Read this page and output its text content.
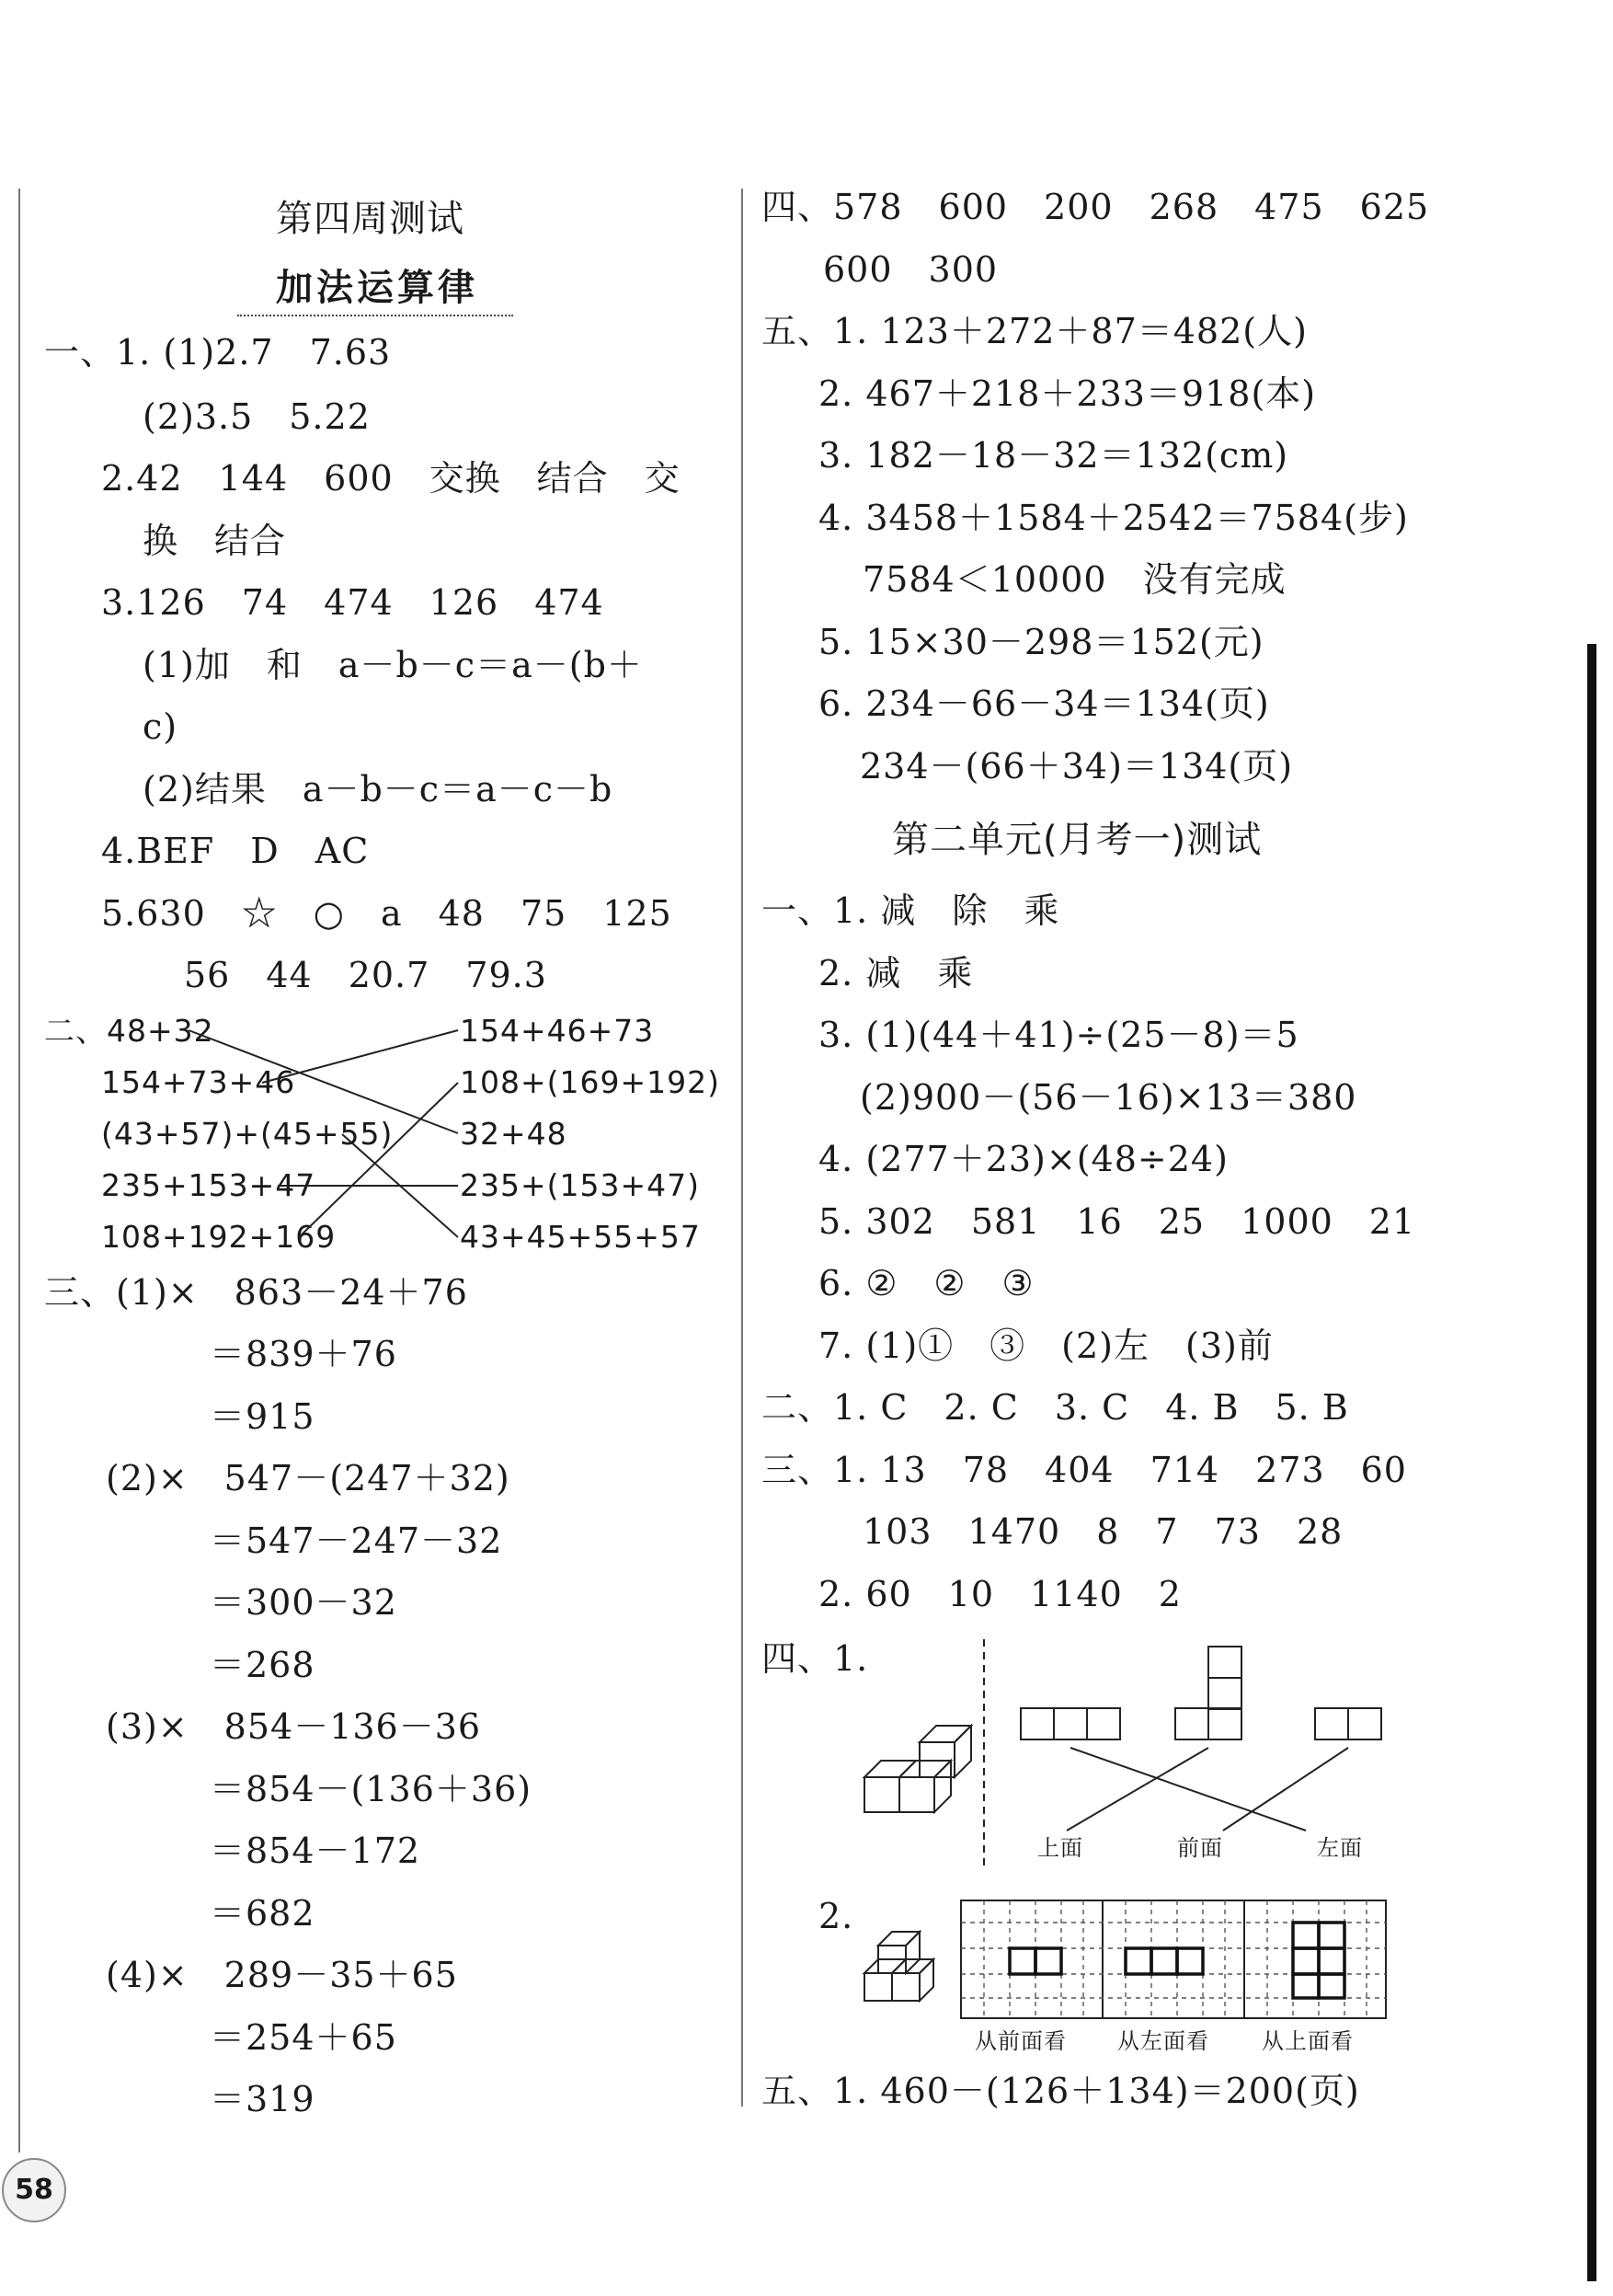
第四周测试
加法运算律
一、1. (1)2.7　7.63
(2)3.5　5.22
2.42　144　600　交换　结合　交
换　结合
3.126　74　474　126　474
(1)加　和　a－b－c＝a－(b＋
c)
(2)结果　a－b－c＝a－c－b
4.BEF　D　AC
5.630　☆　○　a　48　75　125
56　44　20.7　79.3
二、48+32
154+73+46
(43+57)+(45+55)
235+153+47
108+192+169
154+46+73
108+(169+192)
32+48
235+(153+47)
43+45+55+57
三、(1)×　863－24＋76
＝839＋76
＝915
(2)×　547－(247＋32)
＝547－247－32
＝300－32
＝268
(3)×　854－136－36
＝854－(136＋36)
＝854－172
＝682
(4)×　289－35＋65
＝254＋65
＝319
四、578　600　200　268　475　625
600　300
五、1. 123＋272＋87＝482(人)
2. 467＋218＋233＝918(本)
3. 182－18－32＝132(cm)
4. 3458＋1584＋2542＝7584(步)
7584＜10000　没有完成
5. 15×30－298＝152(元)
6. 234－66－34＝134(页)
234－(66＋34)＝134(页)
第二单元(月考一)测试
一、1. 减　除　乘
2. 减　乘
3. (1)(44＋41)÷(25－8)＝5
(2)900－(56－16)×13＝380
4. (277＋23)×(48÷24)
5. 302　581　16　25　1000　21
6. ②　②　③
7. (1)①　③　(2)左　(3)前
二、1. C　2. C　3. C　4. B　5. B
三、1. 13　78　404　714　273　60
103　1470　8　7　73　28
2. 60　10　1140　2
四、1.
2.
上面	前面	左面
从前面看 从左面看 从上面看
五、1. 460－(126＋134)＝200(页)
58
